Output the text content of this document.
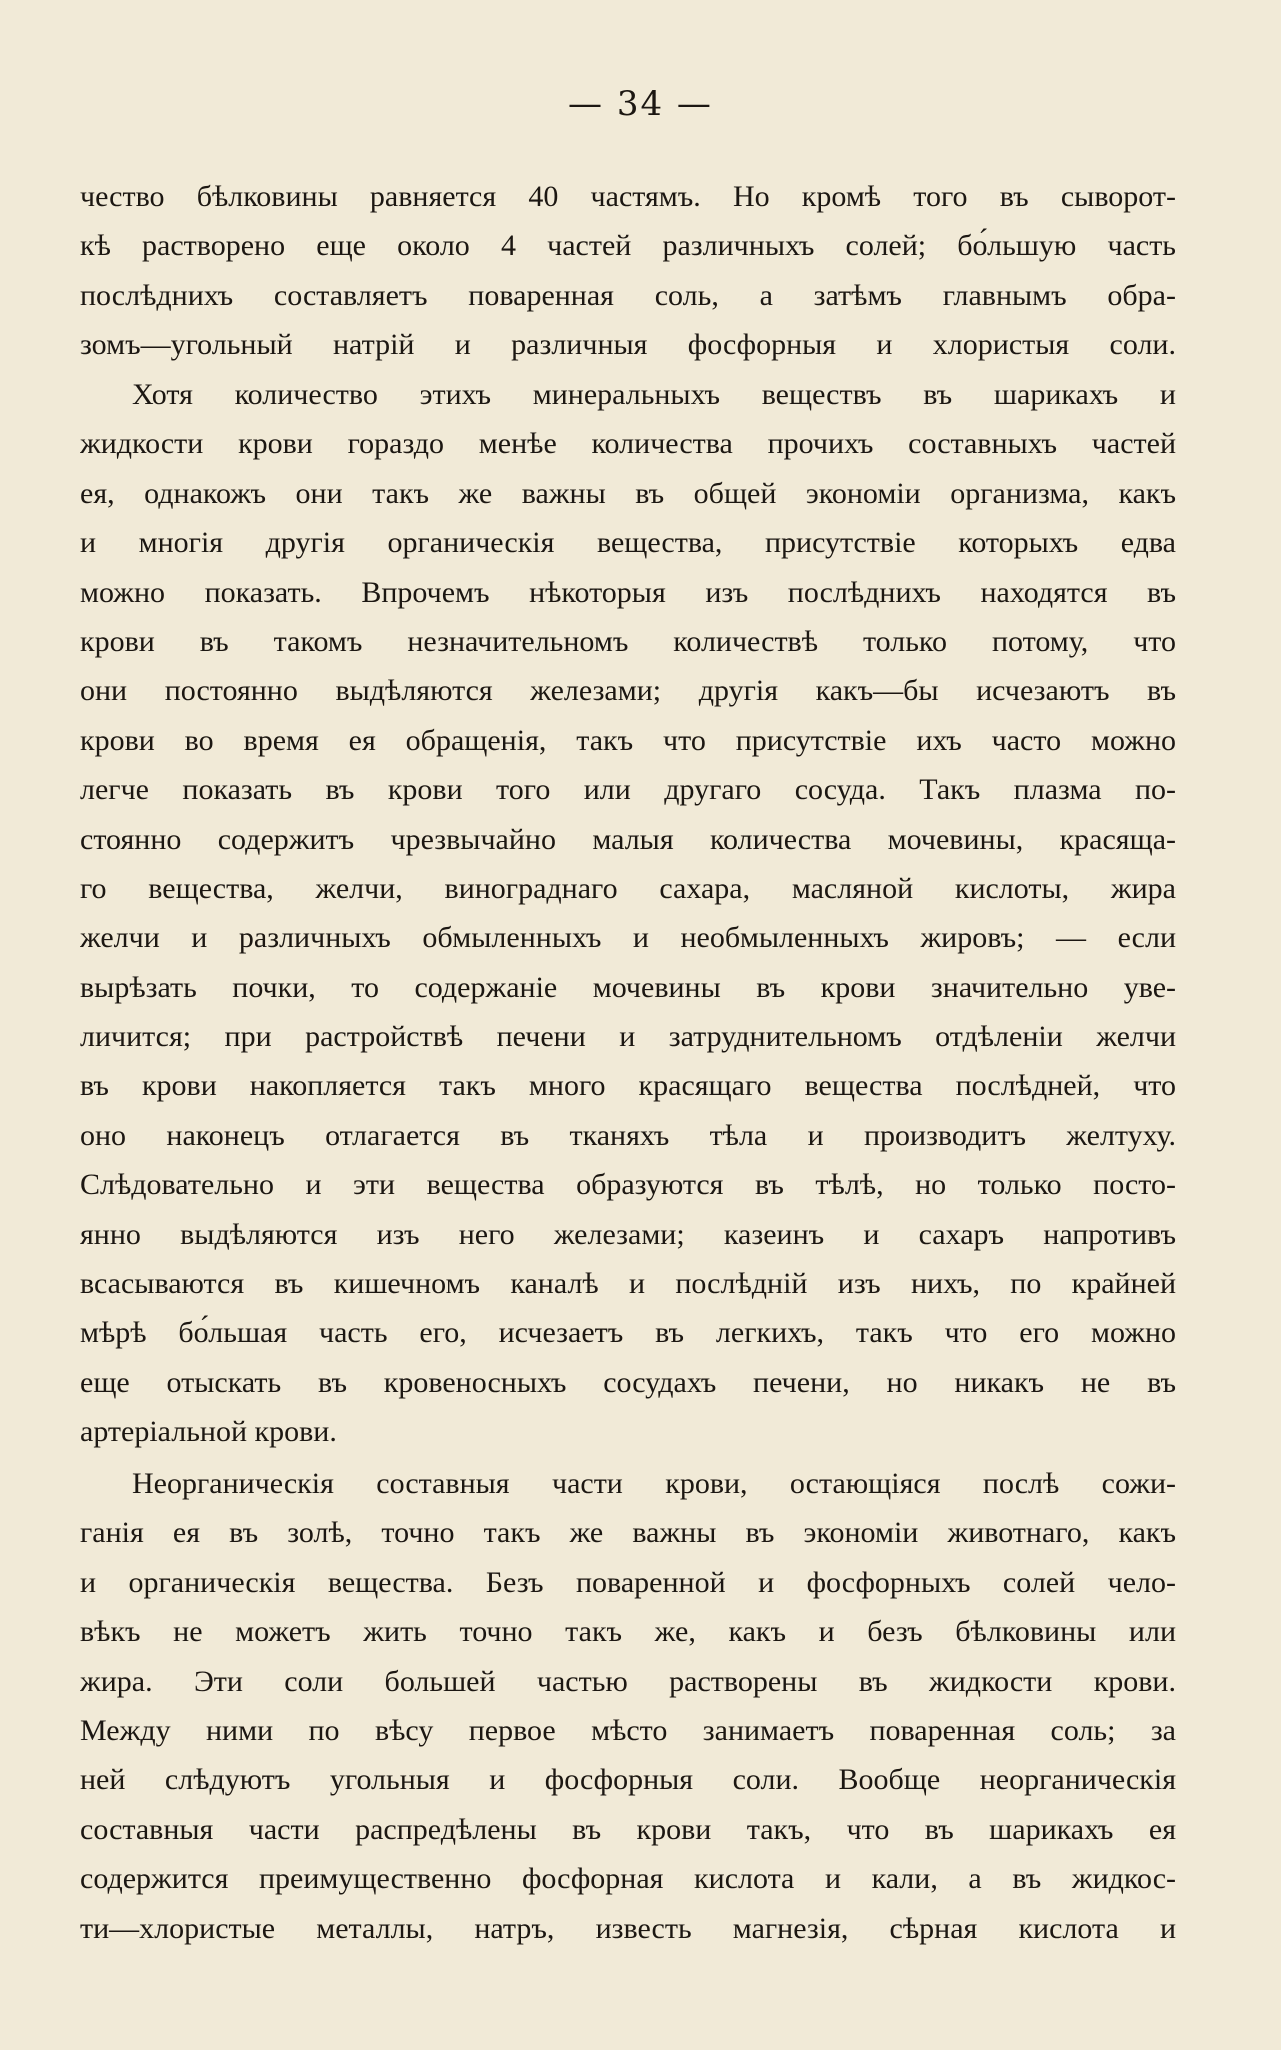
— 34 —
чество бѣлковины равняется 40 частямъ. Но кромѣ того въ сыворот-
кѣ растворено еще около 4 частей различныхъ солей; бо́льшую часть
послѣднихъ составляетъ поваренная соль, а затѣмъ главнымъ обра-
зомъ—угольный натрій и различныя фосфорныя и хлористыя соли.
Хотя количество этихъ минеральныхъ веществъ въ шарикахъ и
жидкости крови гораздо менѣе количества прочихъ составныхъ частей
ея, однакожъ они такъ же важны въ общей экономіи организма, какъ
и многія другія органическія вещества, присутствіе которыхъ едва
можно показать. Впрочемъ нѣкоторыя изъ послѣднихъ находятся въ
крови въ такомъ незначительномъ количествѣ только потому, что
они постоянно выдѣляются железами; другія какъ—бы исчезаютъ въ
крови во время ея обращенія, такъ что присутствіе ихъ часто можно
легче показать въ крови того или другаго сосуда. Такъ плазма по-
стоянно содержитъ чрезвычайно малыя количества мочевины, красяща-
го вещества, желчи, винограднаго сахара, масляной кислоты, жира
желчи и различныхъ обмыленныхъ и необмыленныхъ жировъ; — если
вырѣзать почки, то содержаніе мочевины въ крови значительно уве-
личится; при растройствѣ печени и затруднительномъ отдѣленіи желчи
въ крови накопляется такъ много красящаго вещества послѣдней, что
оно наконецъ отлагается въ тканяхъ тѣла и производитъ желтуху.
Слѣдовательно и эти вещества образуются въ тѣлѣ, но только посто-
янно выдѣляются изъ него железами; казеинъ и сахаръ напротивъ
всасываются въ кишечномъ каналѣ и послѣдній изъ нихъ, по крайней
мѣрѣ бо́льшая часть его, исчезаетъ въ легкихъ, такъ что его можно
еще отыскать въ кровеносныхъ сосудахъ печени, но никакъ не въ
артеріальной крови.
Неорганическія составныя части крови, остающіяся послѣ сожи-
ганія ея въ золѣ, точно такъ же важны въ экономіи животнаго, какъ
и органическія вещества. Безъ поваренной и фосфорныхъ солей чело-
вѣкъ не можетъ жить точно такъ же, какъ и безъ бѣлковины или
жира. Эти соли большей частью растворены въ жидкости крови.
Между ними по вѣсу первое мѣсто занимаетъ поваренная соль; за
ней слѣдуютъ угольныя и фосфорныя соли. Вообще неорганическія
составныя части распредѣлены въ крови такъ, что въ шарикахъ ея
содержится преимущественно фосфорная кислота и кали, а въ жидкос-
ти—хлористые металлы, натръ, известь магнезія, сѣрная кислота и
